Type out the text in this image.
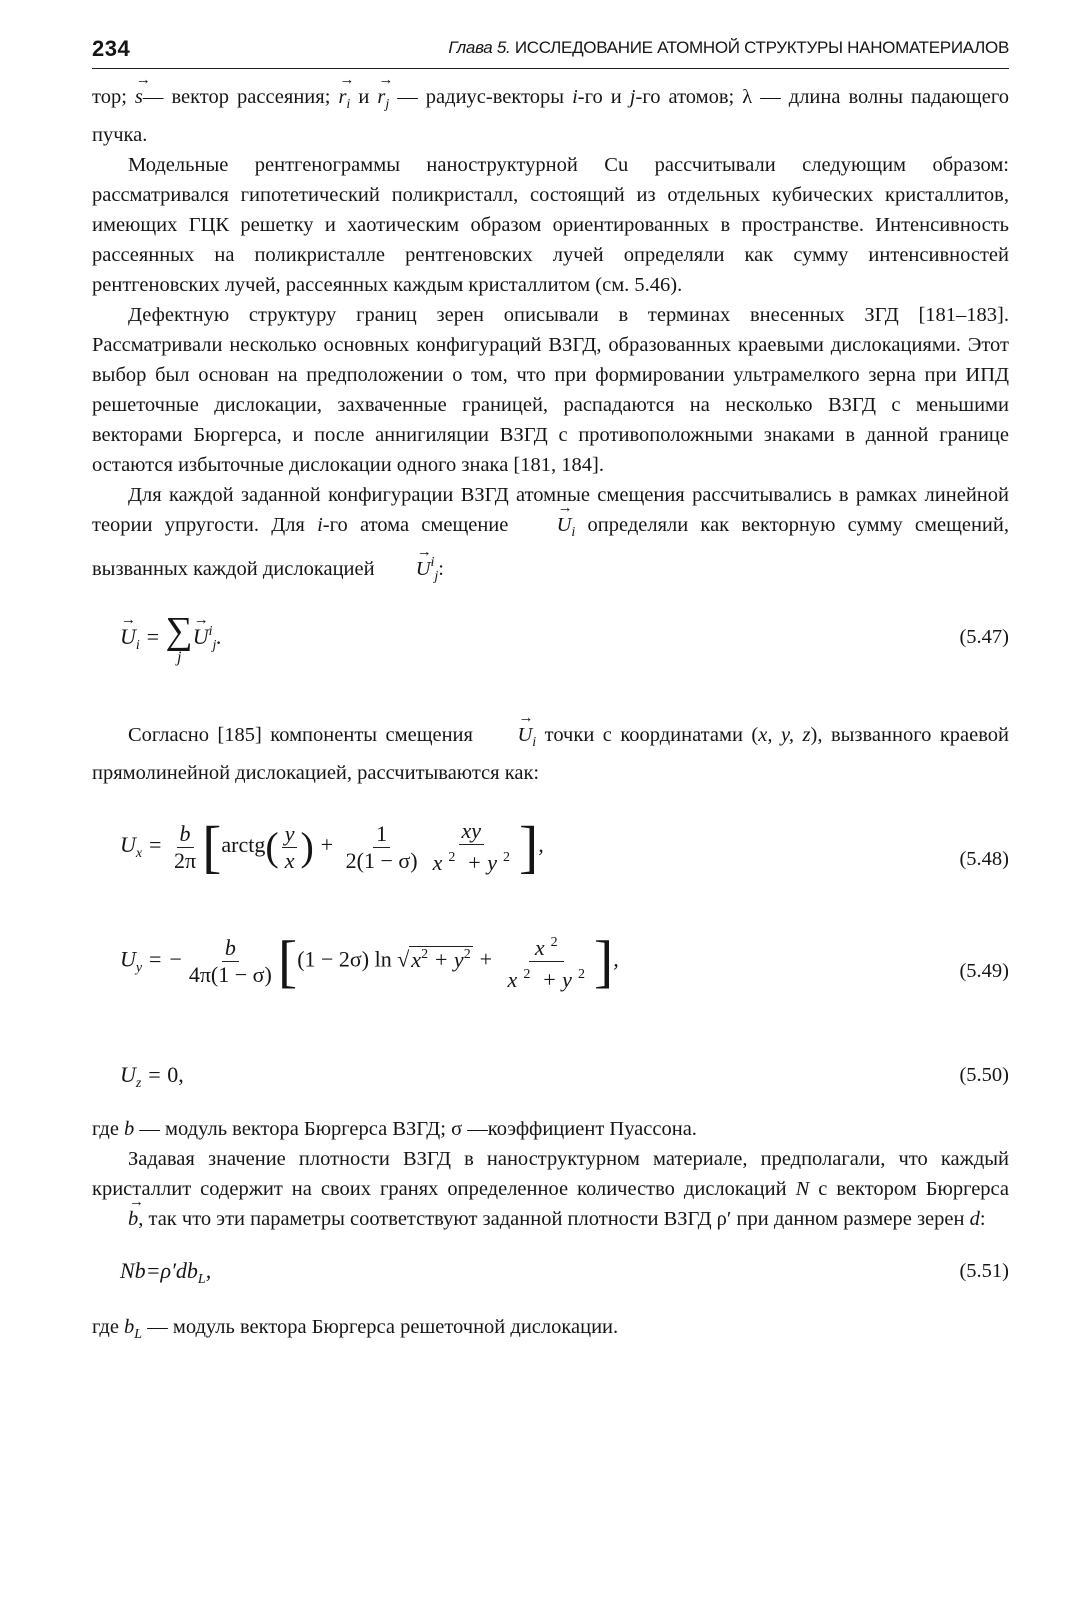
234	Глава 5. ИССЛЕДОВАНИЕ АТОМНОЙ СТРУКТУРЫ НАНОМАТЕРИАЛОВ

тор; → s— вектор рассеяния; → $r_i$ $и \to r_j$ — радиус-векторы i-го и j-го атомов; λ — длина волны падающего пучка.

Модельные рентгенограммы наноструктурной Cu рассчитывали следующим образом: рассматривался гипотетический поликристалл, состоящий из отдельных кубических кристаллитов, имеющих ГЦК решетку и хаотическим образом ориентированных в пространстве. Интенсивность рассеянных на поликристалле рентгеновских лучей определяли как сумму интенсивностей рентгеновских лучей, рассеянных каждым кристаллитом (см. 5.46).

Дефектную структуру границ зерен описывали в терминах внесенных ЗГД [181–183]. Рассматривали несколько основных конфигураций ВЗГД, образованных краевыми дислокациями. Этот выбор был основан на предположении о том, что при формировании ультрамелкого зерна при ИПД решеточные дислокации, захваченные границей, распадаются на несколько ВЗГД с меньшими векторами Бюргерса, и после аннигиляции ВЗГД с противоположными знаками в данной границе остаются избыточные дислокации одного знака [181, 184].

Для каждой заданной конфигурации ВЗГД атомные смещения рассчитывались в рамках линейной теории упругости. Для i-го атома смещение → $U_i$ определяли как векторную сумму смещений, вызванных каждой дислокацией → $U^i_j$:

→ $U_i$ = ∑
j
→ $U^i_j$.	(5.47)

Согласно [185] компоненты смещения → $U_i$ точки с координатами (x, y, z), вызванного краевой прямолинейной дислокацией, рассчитываются как:

$U_x = \frac{b}{2\pi}$ [arctg( $\frac{y}{x}$ ) + $\frac{1}{2(1 - \sigma)} \frac{xy}{x ^2 + y ^2}$ ],
(5.48)
$U_y$ = − $\frac{b}{4\pi(1 - \sigma)} [(1 - 2\sigma)$ $\ln √x^2 + y^2 + \frac{x ^2}{x ^2 + y ^2}$ ],	(5.49)
$U_z = 0$,	(5.50)

где b — модуль вектора Бюргерса ВЗГД; σ —коэффициент Пуассона.

Задавая значение плотности ВЗГД в наноструктурном материале, предполагали, что каждый кристаллит содержит на своих гранях определенное количество дислокаций N с вектором Бюргерса → b, так что эти параметры соответствуют заданной плотности ВЗГД ρ′ при данном размере зерен d:

$Nb=\rho'db_L$,	(5.51)

где $b_L$ — модуль вектора Бюргерса решеточной дислокации.
